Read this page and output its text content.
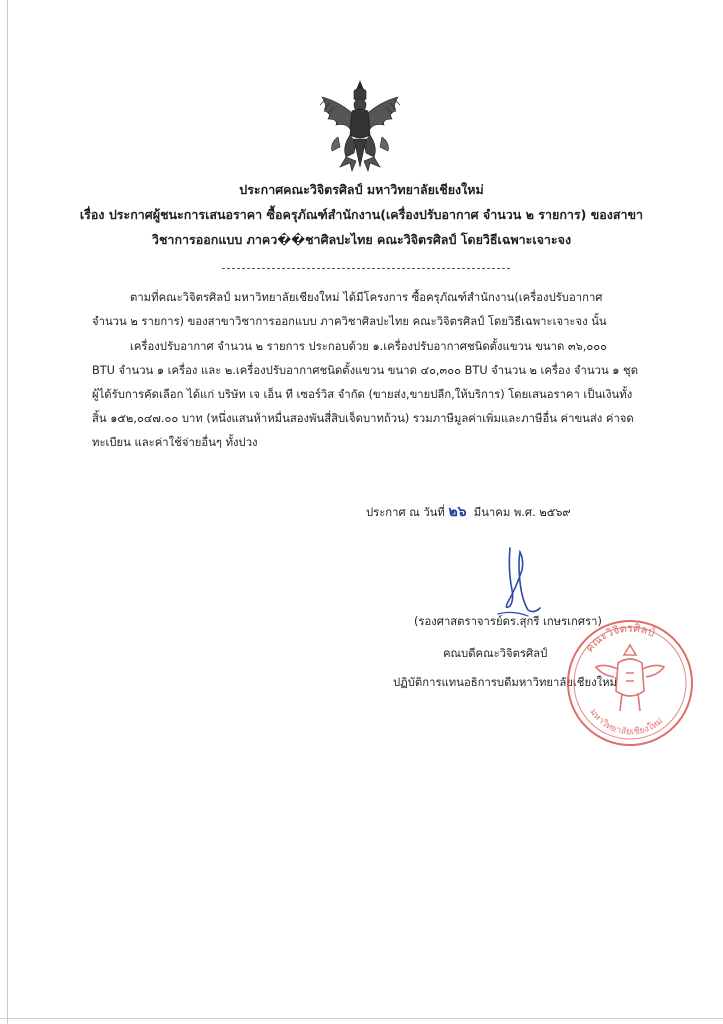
ประกาศคณะวิจิตรศิลป์ มหาวิทยาลัยเชียงใหม่
เรื่อง ประกาศผู้ชนะการเสนอราคา ซื้อครุภัณฑ์สำนักงาน(เครื่องปรับอากาศ จำนวน ๒ รายการ) ของสาขา
วิชาการออกแบบ ภาคว��ชาศิลปะไทย คณะวิจิตรศิลป์ โดยวิธีเฉพาะเจาะจง
ตามที่คณะวิจิตรศิลป์ มหาวิทยาลัยเชียงใหม่ ได้มีโครงการ ซื้อครุภัณฑ์สำนักงาน(เครื่องปรับอากาศ
จำนวน ๒ รายการ) ของสาขาวิชาการออกแบบ ภาควิชาศิลปะไทย คณะวิจิตรศิลป์ โดยวิธีเฉพาะเจาะจง นั้น
เครื่องปรับอากาศ จำนวน ๒ รายการ ประกอบด้วย ๑.เครื่องปรับอากาศชนิดตั้งแขวน ขนาด ๓๖,๐๐๐
BTU จำนวน ๑ เครื่อง และ ๒.เครื่องปรับอากาศชนิดตั้งแขวน ขนาด ๔๐,๓๐๐ BTU จำนวน ๒ เครื่อง จำนวน ๑ ชุด
ผู้ได้รับการคัดเลือก ได้แก่ บริษัท เจ เอ็น ที เซอร์วิส จำกัด (ขายส่ง,ขายปลีก,ให้บริการ) โดยเสนอราคา เป็นเงินทั้ง
สิ้น ๑๕๒,๐๔๗.๐๐ บาท (หนึ่งแสนห้าหมื่นสองพันสี่สิบเจ็ดบาทถ้วน) รวมภาษีมูลค่าเพิ่มและภาษีอื่น ค่าขนส่ง ค่าจด
ทะเบียน และค่าใช้จ่ายอื่นๆ ทั้งปวง
ประกาศ ณ วันที่ ๒๖ มีนาคม พ.ศ. ๒๕๖๙
(รองศาสตราจารย์ดร.สุกรี เกษรเกศรา)
คณบดีคณะวิจิตรศิลป์
ปฏิบัติการแทนอธิการบดีมหาวิทยาลัยเชียงใหม่
คณะวิจิตรศิลป์
มหาวิทยาลัยเชียงใหม่
